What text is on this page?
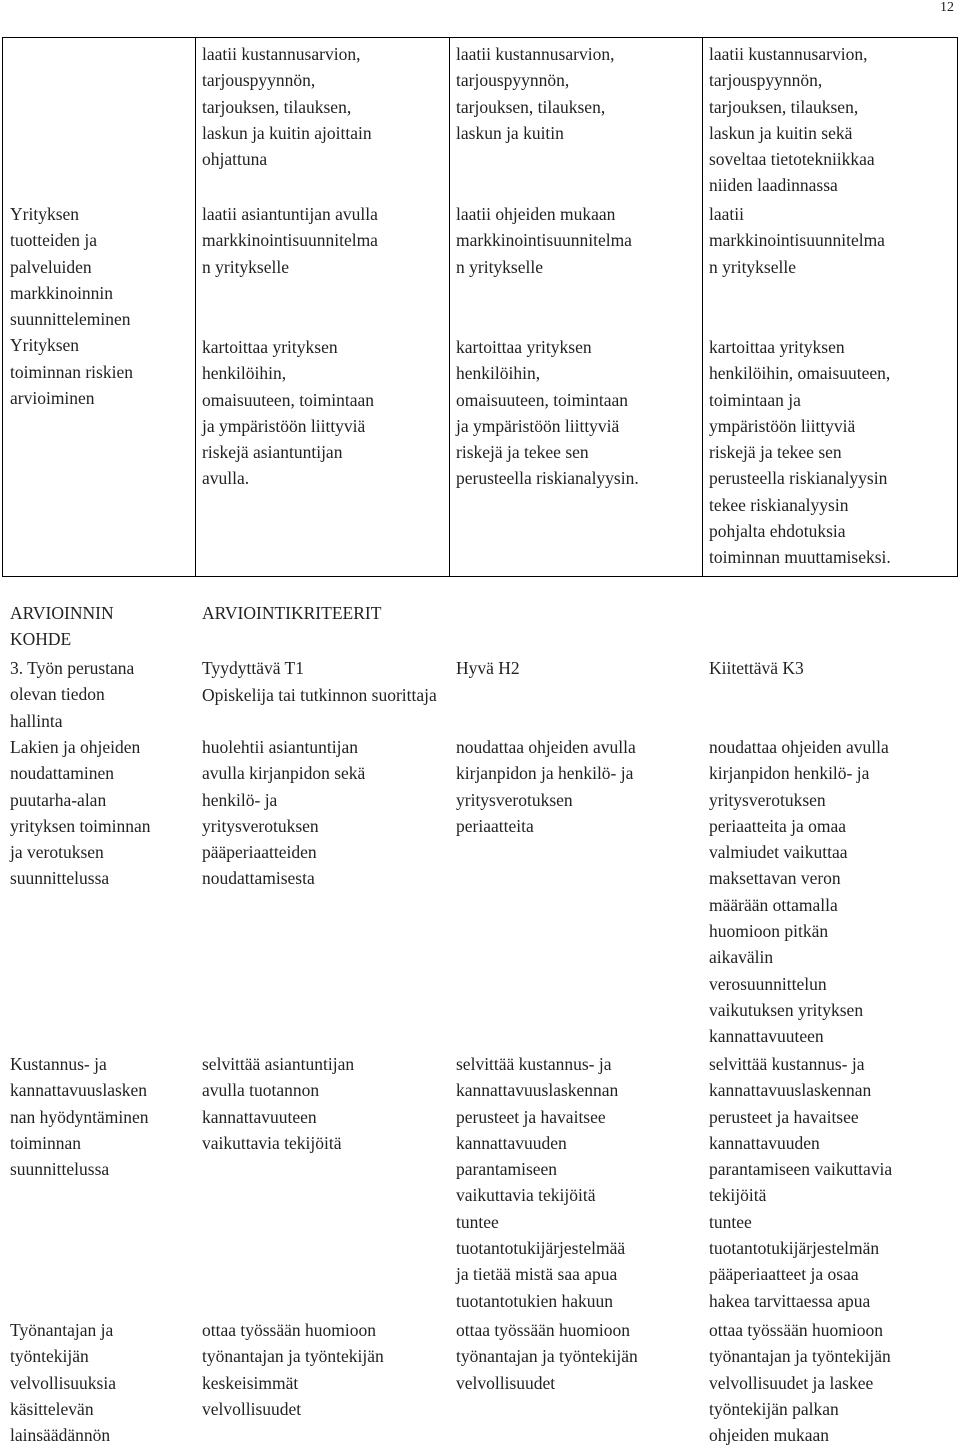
12
Yrityksen
tuotteiden ja
palveluiden
markkinoinnin
suunnitteleminen
Yrityksen
toiminnan riskien
arvioiminen
laatii kustannusarvion,
tarjouspyynnön,
tarjouksen, tilauksen,
laskun ja kuitin ajoittain
ohjattuna
laatii kustannusarvion,
tarjouspyynnön,
tarjouksen, tilauksen,
laskun ja kuitin
laatii kustannusarvion,
tarjouspyynnön,
tarjouksen, tilauksen,
laskun ja kuitin sekä
soveltaa tietotekniikkaa
niiden laadinnassa
laatii asiantuntijan avulla
markkinointisuunnitelma
n yritykselle
laatii ohjeiden mukaan
markkinointisuunnitelma
n yritykselle
laatii
markkinointisuunnitelma
n yritykselle
kartoittaa yrityksen
henkilöihin,
omaisuuteen, toimintaan
ja ympäristöön liittyviä
riskejä asiantuntijan
avulla.
kartoittaa yrityksen
henkilöihin,
omaisuuteen, toimintaan
ja ympäristöön liittyviä
riskejä ja tekee sen
perusteella riskianalyysin.
kartoittaa yrityksen
henkilöihin, omaisuuteen,
toimintaan ja
ympäristöön liittyviä
riskejä ja tekee sen
perusteella riskianalyysin
tekee riskianalyysin
pohjalta ehdotuksia
toiminnan muuttamiseksi.
ARVIOINNIN
KOHDE
ARVIOINTIKRITEERIT
3. Työn perustana
olevan tiedon
hallinta
Tyydyttävä T1	Hyvä H2	Kiitettävä K3
Opiskelija tai tutkinnon suorittaja
Lakien ja ohjeiden
noudattaminen
puutarha-alan
yrityksen toiminnan
ja verotuksen
suunnittelussa
huolehtii asiantuntijan
avulla kirjanpidon sekä
henkilö- ja
yritysverotuksen
pääperiaatteiden
noudattamisesta
noudattaa ohjeiden avulla
kirjanpidon ja henkilö- ja
yritysverotuksen
periaatteita
noudattaa ohjeiden avulla
kirjanpidon henkilö- ja
yritysverotuksen
periaatteita ja omaa
valmiudet vaikuttaa
maksettavan veron
määrään ottamalla
huomioon pitkän
aikavälin
verosuunnittelun
vaikutuksen yrityksen
kannattavuuteen
Kustannus- ja
kannattavuuslasken
nan hyödyntäminen
toiminnan
suunnittelussa
selvittää asiantuntijan
avulla tuotannon
kannattavuuteen
vaikuttavia tekijöitä
selvittää kustannus- ja
kannattavuuslaskennan
perusteet ja havaitsee
kannattavuuden
parantamiseen
vaikuttavia tekijöitä
tuntee
tuotantotukijärjestelmää
ja tietää mistä saa apua
tuotantotukien hakuun
selvittää kustannus- ja
kannattavuuslaskennan
perusteet ja havaitsee
kannattavuuden
parantamiseen vaikuttavia
tekijöitä
tuntee
tuotantotukijärjestelmän
pääperiaatteet ja osaa
hakea tarvittaessa apua
Työnantajan ja
työntekijän
velvollisuuksia
käsittelevän
lainsäädännön
ottaa työssään huomioon
työnantajan ja työntekijän
keskeisimmät
velvollisuudet
ottaa työssään huomioon
työnantajan ja työntekijän
velvollisuudet
ottaa työssään huomioon
työnantajan ja työntekijän
velvollisuudet ja laskee
työntekijän palkan
ohjeiden mukaan
